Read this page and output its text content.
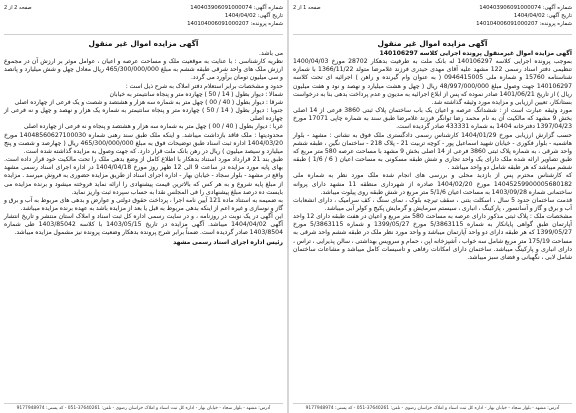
شماره آگهی: 140403906091000074
تاریخ آگهی: 1404/04/02
شماره پرونده: 140104006091000207
صفحه 2 از 2
آگهی مزایده اموال غیر منقول

می باشد.

نظریه کارشناسی : با عنایت به موقعیت ملک و مساحت عرصه و اعیان ، عوامل موثر بر ارزش آن در مجموع ارزش ملک های واحد شرقی طبقه ششم به مبلغ 465/300/000/000 ریال معادل چهل و شش میلیارد و پانصد و سی میلیون تومان برآورد می گردد.

حدود و مشخصات برابر استعلام دفتر املاک به شرح ذیل است :

شمالا : دیوار بطول ( 14 / 50 ) چهارده متر و پنجاه سانتیمتر به خیابان

شرقا : دیوار بطول ( 40 / 00 ) چهل متر به شماره سه هزار و هشتصد و شصت و یک فرعی از چهارده اصلی

جنوبا : دیوار بطول ( 14 / 50 ) چهارده متر و پنجاه سانتیمتر به شماره یک هزار و نهصد و چهل و نه فرعی از چهارده اصلی

غربا : دیوار بطول ( 40 / 00 ) چهل متر به شماره سه هزار و هشتصد و پنجاه و نه فرعی از چهارده اصلی

محدودیتها : ملک فاقد بازداشت میباشد. و اینکه ملک طبق سند رهنی شماره 14048560627100030 مورخ 1404/03/20 اداره ثبت اسناد طبق توضیحات فوق به مبلغ 465/300/000/000 ریال ( چهارصد و شصت و پنج میلیارد و سیصد میلیون ) ریال در رهن بانک ملت قرار دارد. که جهت وصول به مزایده گذاشته شده است.

طبق بند 21 قرارداد مورد استناد بدهکار با اطلاع کامل از وضع بدهی ملک را تحت مالکیت خود قرار داده است. بهای پایه مورد مزایده در ساعت 9 الی 12 ظهر روز مورخ 1404/04/18 در اداره اجرای اسناد رسمی مشهد واقع در مشهد - بلوار سجاد - خیابان بهار - اداره اجرای اسناد از طریق مزایده حضوری به فروش میرسد . مزایده از مبلغ پایه شروع و به هر کس که بالاترین قیمت پیشنهادی را ارائه نماید فروخته میشود و برنده مزایده می بایست ده درصد مبلغ پیشنهادی را فی المجلس نقدا به حساب سپرده ثبت واریز نماید.

به ضمیمه به استناد ماده 121 آیین نامه اجرا ، پرداخت حقوق دولتی و عوارض و بدهی های مربوط به آب و برق و گاز و نوسازی و غیره اعم از اینکه بدهی مربوط به قبل یا بعد از مزایده باشد به عهده برنده مزایده میباشد.

این آگهی در یک نوبت در روزنامه ، و در سایت رسمی اداره کل ثبت اسناد و املاک استان منتشر و تاریخ انتشار آگهی 1404/04/02 میباشد. آگهی مزایده در تاریخ 1403/05/15 با کلاسه 1403/85042 طی شماره 1403/8504 صادر گردیده است. ضمناً برابر شرح پرونده بدهکار وضعیت پرونده نیز مشمول مزایده میباشد.

رئیس اداره اجرای اسناد رسمی مشهد
آدرس: مشهد - بلوار سجاد - خیابان بهار - اداره کل ثبت اسناد و املاک خراسان رضوی - تلفن: 37640261-051 - کد پستی: 9177948974
شماره آگهی: 140403906091000074
تاریخ آگهی: 1404/04/02
شماره پرونده: 140104006091000207
صفحه 1 از 2
آگهی مزایده اموال غیر منقول

آگهی مزایده اموال غیرمنقول پرونده اجرایی کلاسه 140106297

بموجب پرونده اجرایی کلاسه 140106297 له بانک ملت به طرفیت بدهکار 28702 مورخ 1400/04/03 تنظیمی دفتر اسناد رسمی 122 مشهد علیه آقای مهدی حیدری فرزند غلامرضا متولد 1366/11/22 با شماره شناسنامه 15760 و شماره ملی 0946415005 ( به عنوان وام گیرنده و راهن ) اجرائیه ای تحت کلاسه 140106297 جهت وصول مبلغ 48/997/000/000 ریال ( چهل و هشت میلیارد و نهصد و نود و هفت میلیون ریال ) از تاریخ 1401/06/21 صادر نموده که پس از ابلاغ اجرائیه به مدیون و عدم پرداخت بدهی بنا به درخواست بستانکار، تعیین ارزیابی و مزایده مورد وثیقه گذاشته شد.

مورد وثیقه عبارت است از : ششدانگ عرصه و اعیان یک باب ساختمان پلاک ثبتی 3860 فرعی از 14 اصلی بخش 9 مشهد که مالکیت آن به نام محمد رضا توانگر فرزند غلامرضا طبق سند به شماره چاپی 17071 مورخ 1397/04/23 دفترخانه 1404 به شماره 433331 صادر گردیده است.

حسب گزارش ارزیابی مورخ 1404/01/29 کارشناس رسمی دادگستری ملک فوق به نشانی : مشهد - بلوار هاشمیه - بلوار فکوری - خیابان شهید اسماعیل پور - کوچه تربیت 21 - پلاک 218 - ساختمان نگین ، طبقه ششم واحد شرقی ، به شماره پلاک ثبتی 3860 فرعی از 14 اصلی بخش 9 مشهد با مساحت عرصه 580 متر مربع که طبق تصاویر ارائه شده ملک دارای یک واحد تجاری و شش طبقه مسکونی به مساحت اعیان ( 6 / 1/6 ) طبقه ششم میباشد که هر طبقه شامل دو واحد میباشد .

که کارشناس محترم پس از بازدید محلی و بررسی های انجام شده ملک مورد نظر به شماره ملی 14045259900005680182 مورخ 1404/02/20 صادره از شهرداری منطقه 11 مشهد دارای پروانه ساختمانی شماره 1403/09/28 به مساحت اعیان 5/1/6 متر مربع در شش طبقه روی پیلوت میباشد.

قدمت ساختمان حدود 5 سال ، اسکلت بتنی ، سقف تیرچه بلوک ، نمای سنگ ، کف سرامیک ، دارای انشعابات آب و برق و گاز و آسانسور ، پارکینگ ، انباری ، سیستم سرمایش و گرمایش پکیج و کولر آبی میباشد.

مشخصات ملک : پلاک ثبتی مذکور دارای عرصه به مساحت 580 متر مربع و اعیان در هفت طبقه دارای 12 واحد آپارتمان طبق گواهی پایانکار به شماره 5/3863115 مورخ 1399/05/27 و شماره 5/3863115 مورخ 1399/05/27 که هر طبقه دارای دو واحد آپارتمان میباشد و واحد مورد نظر ملک در طبقه ششم واحد شرقی به مساحت 175/19 متر مربع شامل سه خواب ، آشپزخانه اپن ، حمام و سرویس بهداشتی ، سالن پذیرایی ، تراس ، دارای انباری و پارکینگ میباشد. ساختمان دارای امکانات رفاهی و تاسیسات کامل میباشد و مشاعات ساختمان شامل لابی ، نگهبانی و فضای سبز میباشد.

آدرس: مشهد - بلوار سجاد - خیابان بهار - اداره کل ثبت اسناد و املاک خراسان رضوی - تلفن: 37640261-051 - کد پستی: 9177948974
